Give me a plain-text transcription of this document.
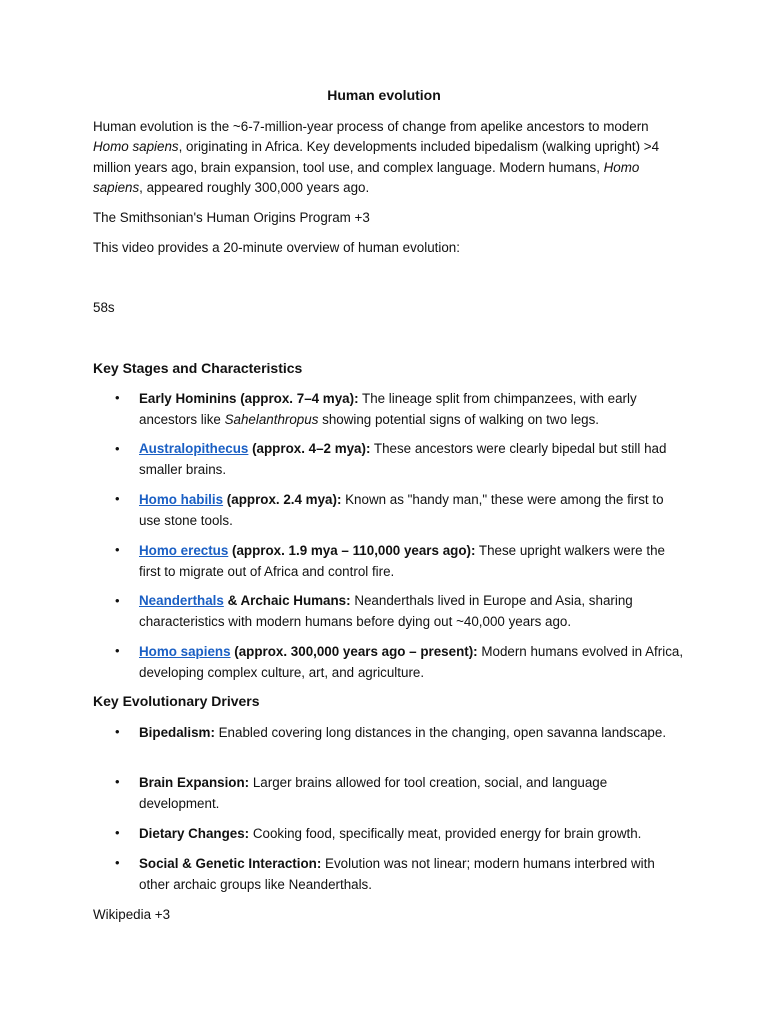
Human evolution
Human evolution is the ~6-7-million-year process of change from apelike ancestors to modern Homo sapiens, originating in Africa. Key developments included bipedalism (walking upright) >4 million years ago, brain expansion, tool use, and complex language. Modern humans, Homo sapiens, appeared roughly 300,000 years ago.
The Smithsonian's Human Origins Program +3
This video provides a 20-minute overview of human evolution:
58s
Key Stages and Characteristics
• Early Hominins (approx. 7–4 mya): The lineage split from chimpanzees, with early ancestors like Sahelanthropus showing potential signs of walking on two legs.
• Australopithecus (approx. 4–2 mya): These ancestors were clearly bipedal but still had smaller brains.
• Homo habilis (approx. 2.4 mya): Known as "handy man," these were among the first to use stone tools.
• Homo erectus (approx. 1.9 mya – 110,000 years ago): These upright walkers were the first to migrate out of Africa and control fire.
• Neanderthals & Archaic Humans: Neanderthals lived in Europe and Asia, sharing characteristics with modern humans before dying out ~40,000 years ago.
• Homo sapiens (approx. 300,000 years ago – present): Modern humans evolved in Africa, developing complex culture, art, and agriculture.
Key Evolutionary Drivers
• Bipedalism: Enabled covering long distances in the changing, open savanna landscape.
• Brain Expansion: Larger brains allowed for tool creation, social, and language development.
• Dietary Changes: Cooking food, specifically meat, provided energy for brain growth.
• Social & Genetic Interaction: Evolution was not linear; modern humans interbred with other archaic groups like Neanderthals.
Wikipedia +3
